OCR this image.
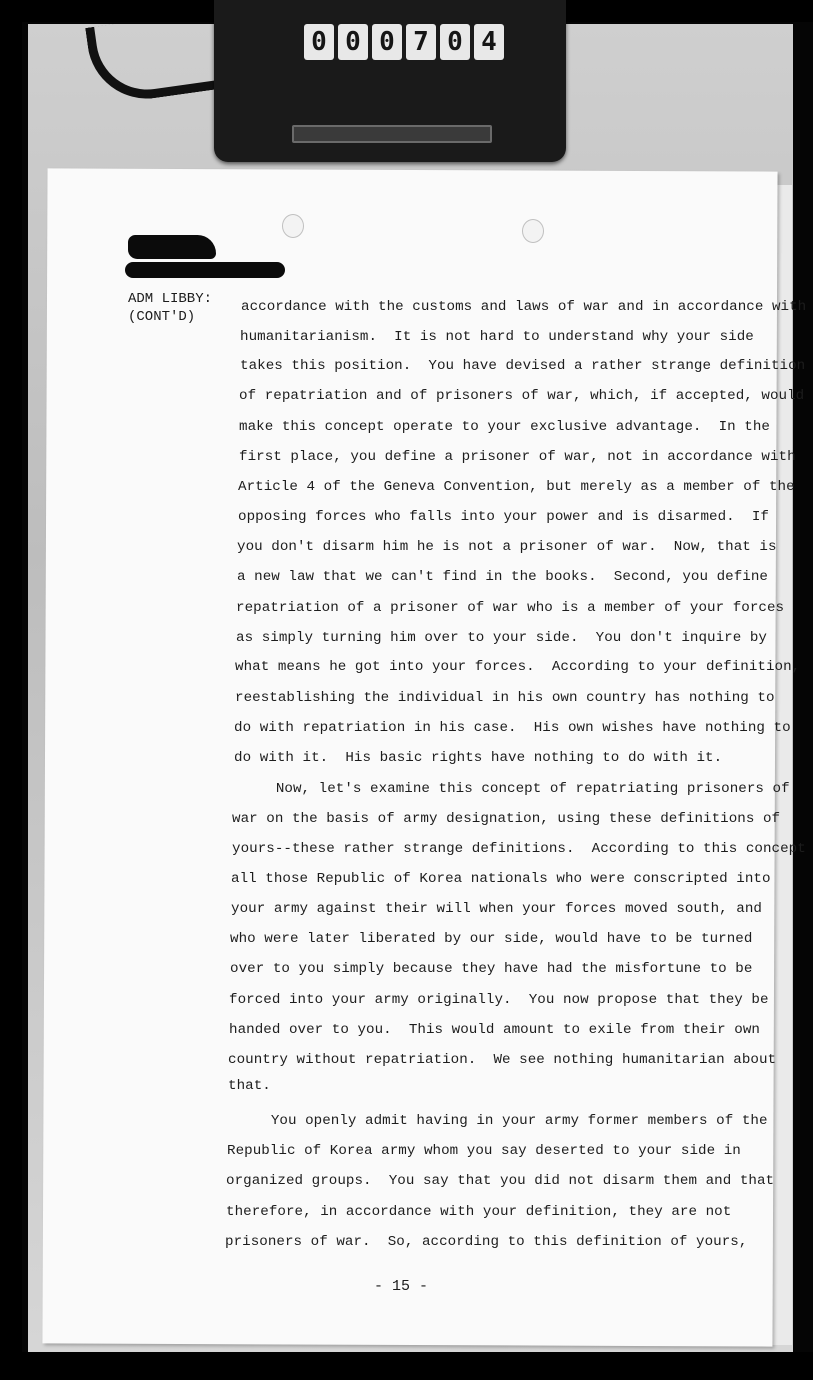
0 0 0 7 0 4

ADM LIBBY:
(CONT'D)

accordance with the customs and laws of war and in accordance with

humanitarianism.  It is not hard to understand why your side

takes this position.  You have devised a rather strange definition

of repatriation and of prisoners of war, which, if accepted, would

make this concept operate to your exclusive advantage.  In the

first place, you define a prisoner of war, not in accordance with

Article 4 of the Geneva Convention, but merely as a member of the

opposing forces who falls into your power and is disarmed.  If

you don't disarm him he is not a prisoner of war.  Now, that is

a new law that we can't find in the books.  Second, you define

repatriation of a prisoner of war who is a member of your forces

as simply turning him over to your side.  You don't inquire by

what means he got into your forces.  According to your definition,

reestablishing the individual in his own country has nothing to

do with repatriation in his case.  His own wishes have nothing to

do with it.  His basic rights have nothing to do with it.

Now, let's examine this concept of repatriating prisoners of

war on the basis of army designation, using these definitions of

yours--these rather strange definitions.  According to this concept

all those Republic of Korea nationals who were conscripted into

your army against their will when your forces moved south, and

who were later liberated by our side, would have to be turned

over to you simply because they have had the misfortune to be

forced into your army originally.  You now propose that they be

handed over to you.  This would amount to exile from their own

country without repatriation.  We see nothing humanitarian about

that.

You openly admit having in your army former members of the

Republic of Korea army whom you say deserted to your side in

organized groups.  You say that you did not disarm them and that

therefore, in accordance with your definition, they are not

prisoners of war.  So, according to this definition of yours,

- 15 -
